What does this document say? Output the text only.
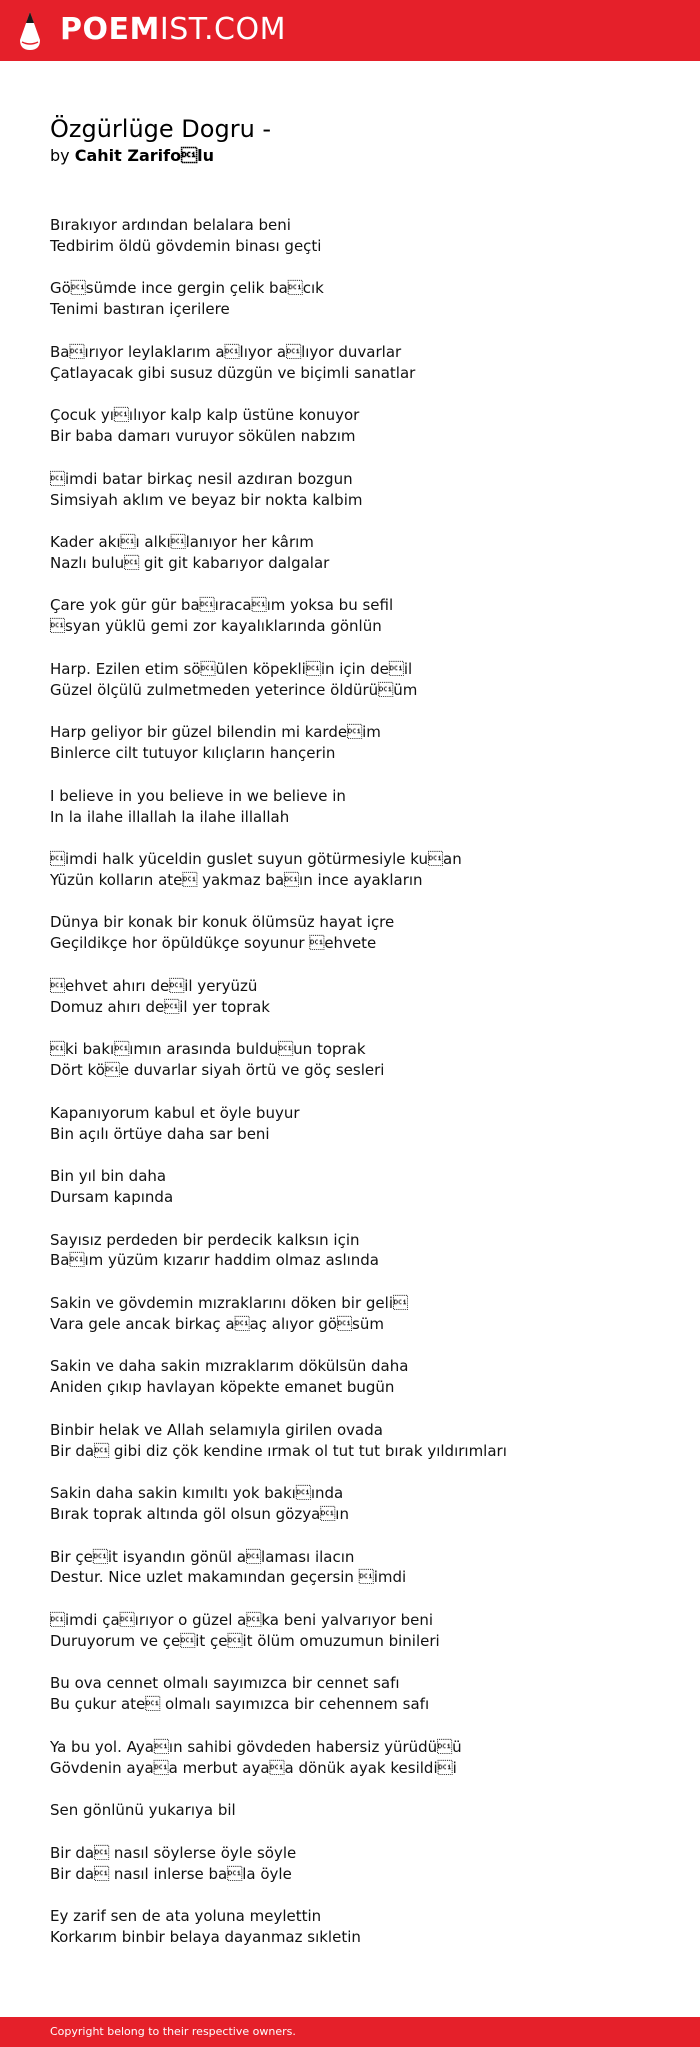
POEMIST.COM
Özgürlüge Dogru -
by Cahit Zarifolu
Bırakıyor ardından belalara beni
Tedbirim öldü gövdemin binası geçti
Gösümde ince gergin çelik bacık
Tenimi bastıran içerilere
Baırıyor leylaklarım alıyor alıyor duvarlar
Çatlayacak gibi susuz düzgün ve biçimli sanatlar
Çocuk yıılıyor kalp kalp üstüne konuyor
Bir baba damarı vuruyor sökülen nabzım
imdi batar birkaç nesil azdıran bozgun
Simsiyah aklım ve beyaz bir nokta kalbim
Kader akıı alkılanıyor her kârım
Nazlı bulu git git kabarıyor dalgalar
Çare yok gür gür baıracaım yoksa bu sefil
syan yüklü gemi zor kayalıklarında gönlün
Harp. Ezilen etim söülen köpekliin için deil
Güzel ölçülü zulmetmeden yeterince öldürüüm
Harp geliyor bir güzel bilendin mi kardeim
Binlerce cilt tutuyor kılıçların hançerin
I believe in you believe in we believe in
In la ilahe illallah la ilahe illallah
imdi halk yüceldin guslet suyun götürmesiyle kuan
Yüzün kolların ate yakmaz baın ince ayakların
Dünya bir konak bir konuk ölümsüz hayat içre
Geçildikçe hor öpüldükçe soyunur ehvete
ehvet ahırı deil yeryüzü
Domuz ahırı deil yer toprak
ki bakıımın arasında bulduun toprak
Dört köe duvarlar siyah örtü ve göç sesleri
Kapanıyorum kabul et öyle buyur
Bin açılı örtüye daha sar beni
Bin yıl bin daha
Dursam kapında
Sayısız perdeden bir perdecik kalksın için
Baım yüzüm kızarır haddim olmaz aslında
Sakin ve gövdemin mızraklarını döken bir geli
Vara gele ancak birkaç aaç alıyor gösüm
Sakin ve daha sakin mızraklarım dökülsün daha
Aniden çıkıp havlayan köpekte emanet bugün
Binbir helak ve Allah selamıyla girilen ovada
Bir da gibi diz çök kendine ırmak ol tut tut bırak yıldırımları
Sakin daha sakin kımıltı yok bakıında
Bırak toprak altında göl olsun gözyaın
Bir çeit isyandın gönül alaması ilacın
Destur. Nice uzlet makamından geçersin imdi
imdi çaırıyor o güzel aka beni yalvarıyor beni
Duruyorum ve çeit çeit ölüm omuzumun binileri
Bu ova cennet olmalı sayımızca bir cennet safı
Bu çukur ate olmalı sayımızca bir cehennem safı
Ya bu yol. Ayaın sahibi gövdeden habersiz yürüdüü
Gövdenin ayaa merbut ayaa dönük ayak kesildii
Sen gönlünü yukarıya bil
Bir da nasıl söylerse öyle söyle
Bir da nasıl inlerse bala öyle
Ey zarif sen de ata yoluna meylettin
Korkarım binbir belaya dayanmaz sıkletin
Copyright belong to their respective owners.
